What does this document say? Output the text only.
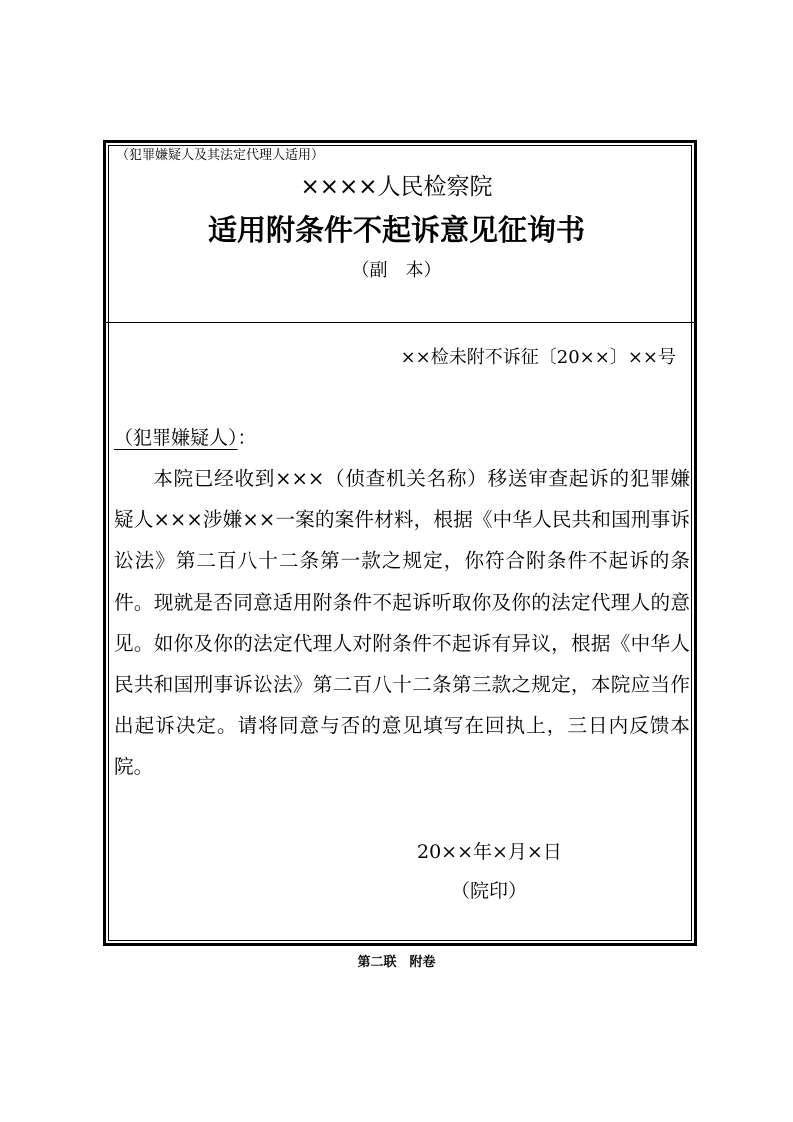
（犯罪嫌疑人及其法定代理人适用）
××××人民检察院
适用附条件不起诉意见征询书
（副　本）
××检未附不诉征〔20××〕××号
（犯罪嫌疑人）：

本院已经收到×××（侦查机关名称）移送审查起诉的犯罪嫌疑人×××涉嫌××一案的案件材料，根据《中华人民共和国刑事诉讼法》第二百八十二条第一款之规定，你符合附条件不起诉的条件。现就是否同意适用附条件不起诉听取你及你的法定代理人的意见。如你及你的法定代理人对附条件不起诉有异议，根据《中华人民共和国刑事诉讼法》第二百八十二条第三款之规定，本院应当作出起诉决定。请将同意与否的意见填写在回执上，三日内反馈本院。

20××年×月×日
（院印）
第二联　附卷
